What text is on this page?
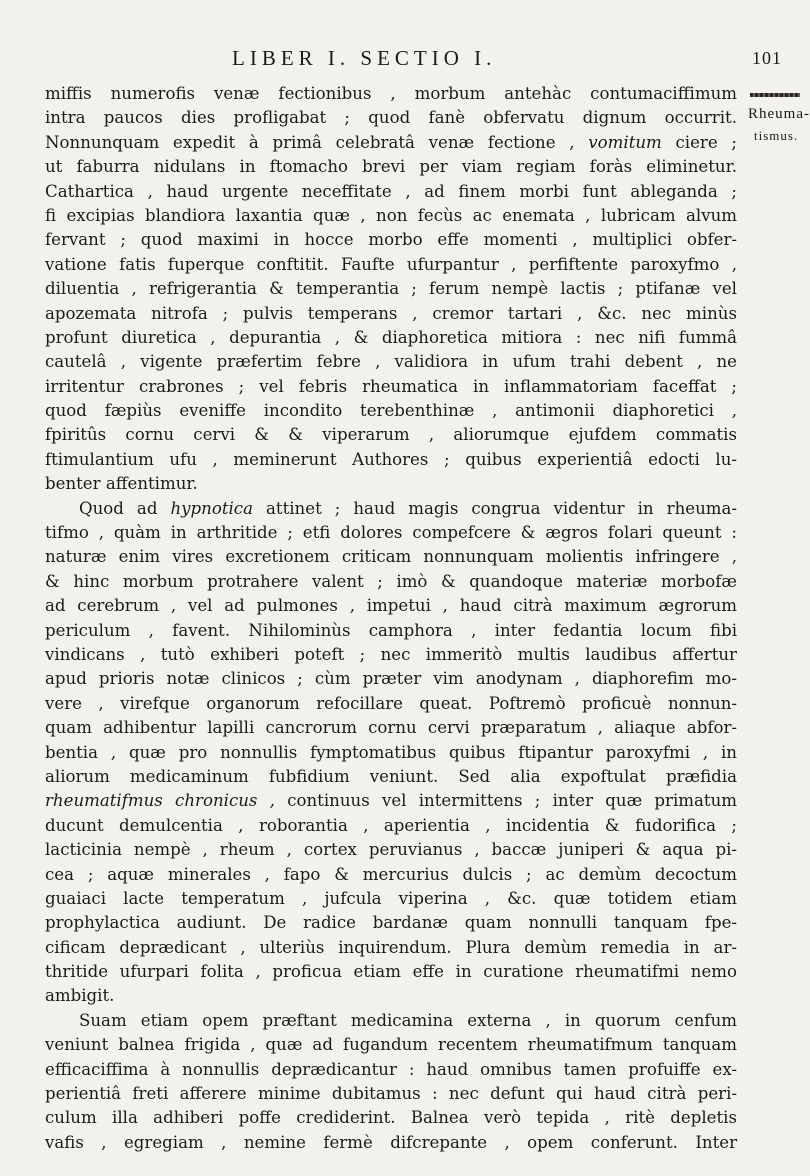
LIBER I. SECTIO I.	101
Rheuma-
tismus.
miffis numerofis venæ fectionibus , morbum antehàc contumaciffimum
intra paucos dies profligabat ; quod fanè obfervatu dignum occurrit.
Nonnunquam expedit à primâ celebratâ venæ fectione , vomitum ciere ;
ut faburra nidulans in ftomacho brevi per viam regiam foràs eliminetur.
Cathartica , haud urgente neceffitate , ad finem morbi funt ableganda ;
fi excipias blandiora laxantia quæ , non fecùs ac enemata , lubricam alvum
fervant ; quod maximi in hocce morbo effe momenti , multiplici obfer-
vatione fatis fuperque conftitit. Faufte ufurpantur , perfiftente paroxyfmo ,
diluentia , refrigerantia & temperantia ; ferum nempè lactis ; ptifanæ vel
apozemata nitrofa ; pulvis temperans , cremor tartari , &c. nec minùs
profunt diuretica , depurantia , & diaphoretica mitiora : nec nifi fummâ
cautelâ , vigente præfertim febre , validiora in ufum trahi debent , ne
irritentur crabrones ; vel febris rheumatica in inflammatoriam faceffat ;
quod fæpiùs eveniffe incondito terebenthinæ , antimonii diaphoretici ,
fpiritûs cornu cervi & & viperarum , aliorumque ejufdem commatis
ftimulantium ufu , meminerunt Authores ; quibus experientiâ edocti lu-
benter affentimur.
Quod ad hypnotica attinet ; haud magis congrua videntur in rheuma-
tifmo , quàm in arthritide ; etfi dolores compefcere & ægros folari queunt :
naturæ enim vires excretionem criticam nonnunquam molientis infringere ,
& hinc morbum protrahere valent ; imò & quandoque materiæ morbofæ
ad cerebrum , vel ad pulmones , impetui , haud citrà maximum ægrorum
periculum , favent. Nihilominùs camphora , inter fedantia locum fibi
vindicans , tutò exhiberi poteft ; nec immeritò multis laudibus affertur
apud prioris notæ clinicos ; cùm præter vim anodynam , diaphorefim mo-
vere , virefque organorum refocillare queat. Poftremò proficuè nonnun-
quam adhibentur lapilli cancrorum cornu cervi præparatum , aliaque abfor-
bentia , quæ pro nonnullis fymptomatibus quibus ftipantur paroxyfmi , in
aliorum medicaminum fubfidium veniunt. Sed alia expoftulat præfidia
rheumatifmus chronicus , continuus vel intermittens ; inter quæ primatum
ducunt demulcentia , roborantia , aperientia , incidentia & fudorifica ;
lacticinia nempè , rheum , cortex peruvianus , baccæ juniperi & aqua pi-
cea ; aquæ minerales , fapo & mercurius dulcis ; ac demùm decoctum
guaiaci lacte temperatum , jufcula viperina , &c. quæ totidem etiam
prophylactica audiunt. De radice bardanæ quam nonnulli tanquam fpe-
cificam deprædicant , ulteriùs inquirendum. Plura demùm remedia in ar-
thritide ufurpari folita , proficua etiam effe in curatione rheumatifmi nemo
ambigit.
Suam etiam opem præftant medicamina externa , in quorum cenfum
veniunt balnea frigida , quæ ad fugandum recentem rheumatifmum tanquam
efficaciffima à nonnullis deprædicantur : haud omnibus tamen profuiffe ex-
perientiâ freti afferere minime dubitamus : nec defunt qui haud citrà peri-
culum illa adhiberi poffe crediderint. Balnea verò tepida , ritè depletis
vafis , egregiam , nemine fermè difcrepante , opem conferunt. Inter
